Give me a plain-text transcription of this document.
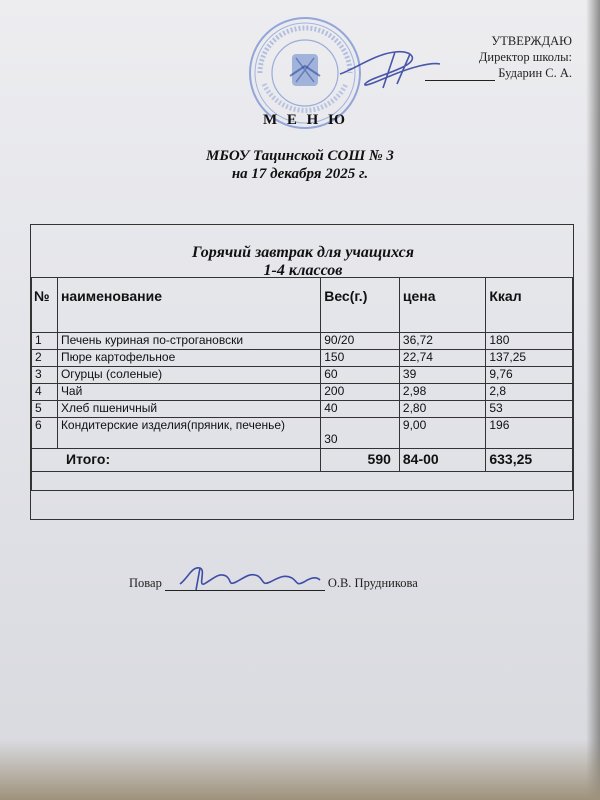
УТВЕРЖДАЮ
Директор школы:
Бударин С. А.
М Е Н Ю
МБОУ Тацинской СОШ № 3
на 17 декабря 2025 г.
Горячий завтрак для учащихся
1-4 классов
№	наименование	Вес(г.)	цена	Ккал
1	Печень куриная по-строгановски	90/20	36,72	180
2	Пюре картофельное	150	22,74	137,25
3	Огурцы (соленые)	60	39	9,76
4	Чай	200	2,98	2,8
5	Хлеб пшеничный	40	2,80	53
6	Кондитерские изделия(пряник, печенье)	30	9,00	196
Итого:		590	84-00	633,25

Повар	О.В. Прудникова
